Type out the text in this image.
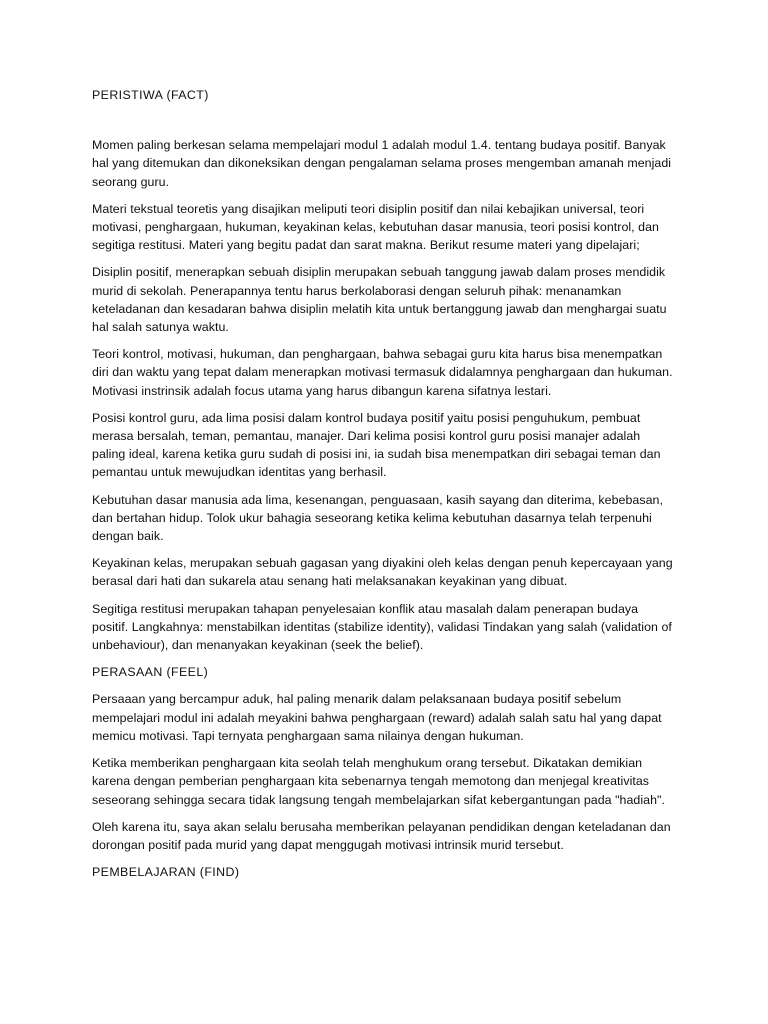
PERISTIWA (FACT)

Momen paling berkesan selama mempelajari modul 1 adalah modul 1.4. tentang budaya positif. Banyak hal yang ditemukan dan dikoneksikan dengan pengalaman selama proses mengemban amanah menjadi seorang guru.

Materi tekstual teoretis yang disajikan meliputi teori disiplin positif dan nilai kebajikan universal, teori motivasi, penghargaan, hukuman, keyakinan kelas, kebutuhan dasar manusia, teori posisi kontrol, dan segitiga restitusi. Materi yang begitu padat dan sarat makna. Berikut resume materi yang dipelajari;

Disiplin positif, menerapkan sebuah disiplin merupakan sebuah tanggung jawab dalam proses mendidik murid di sekolah. Penerapannya tentu harus berkolaborasi dengan seluruh pihak: menanamkan keteladanan dan kesadaran bahwa disiplin melatih kita untuk bertanggung jawab dan menghargai suatu hal salah satunya waktu.

Teori kontrol, motivasi, hukuman, dan penghargaan, bahwa sebagai guru kita harus bisa menempatkan diri dan waktu yang tepat dalam menerapkan motivasi termasuk didalamnya penghargaan dan hukuman. Motivasi instrinsik adalah focus utama yang harus dibangun karena sifatnya lestari.

Posisi kontrol guru, ada lima posisi dalam kontrol budaya positif yaitu posisi penguhukum, pembuat merasa bersalah, teman, pemantau, manajer. Dari kelima posisi kontrol guru posisi manajer adalah paling ideal, karena ketika guru sudah di posisi ini, ia sudah bisa menempatkan diri sebagai teman dan pemantau untuk mewujudkan identitas yang berhasil.

Kebutuhan dasar manusia ada lima, kesenangan, penguasaan, kasih sayang dan diterima, kebebasan, dan bertahan hidup. Tolok ukur bahagia seseorang ketika kelima kebutuhan dasarnya telah terpenuhi dengan baik.

Keyakinan kelas, merupakan sebuah gagasan yang diyakini oleh kelas dengan penuh kepercayaan yang berasal dari hati dan sukarela atau senang hati melaksanakan keyakinan yang dibuat.

Segitiga restitusi merupakan tahapan penyelesaian konflik atau masalah dalam penerapan budaya positif. Langkahnya: menstabilkan identitas (stabilize identity), validasi Tindakan yang salah (validation of unbehaviour), dan menanyakan keyakinan (seek the belief).

PERASAAN (FEEL)

Persaaan yang bercampur aduk, hal paling menarik dalam pelaksanaan budaya positif sebelum mempelajari modul ini adalah meyakini bahwa penghargaan (reward) adalah salah satu hal yang dapat memicu motivasi. Tapi ternyata penghargaan sama nilainya dengan hukuman.

Ketika memberikan penghargaan kita seolah telah menghukum orang tersebut. Dikatakan demikian karena dengan pemberian penghargaan kita sebenarnya tengah memotong dan menjegal kreativitas seseorang sehingga secara tidak langsung tengah membelajarkan sifat kebergantungan pada "hadiah".

Oleh karena itu, saya akan selalu berusaha memberikan pelayanan pendidikan dengan keteladanan dan dorongan positif pada murid yang dapat menggugah motivasi intrinsik murid tersebut.

PEMBELAJARAN (FIND)
